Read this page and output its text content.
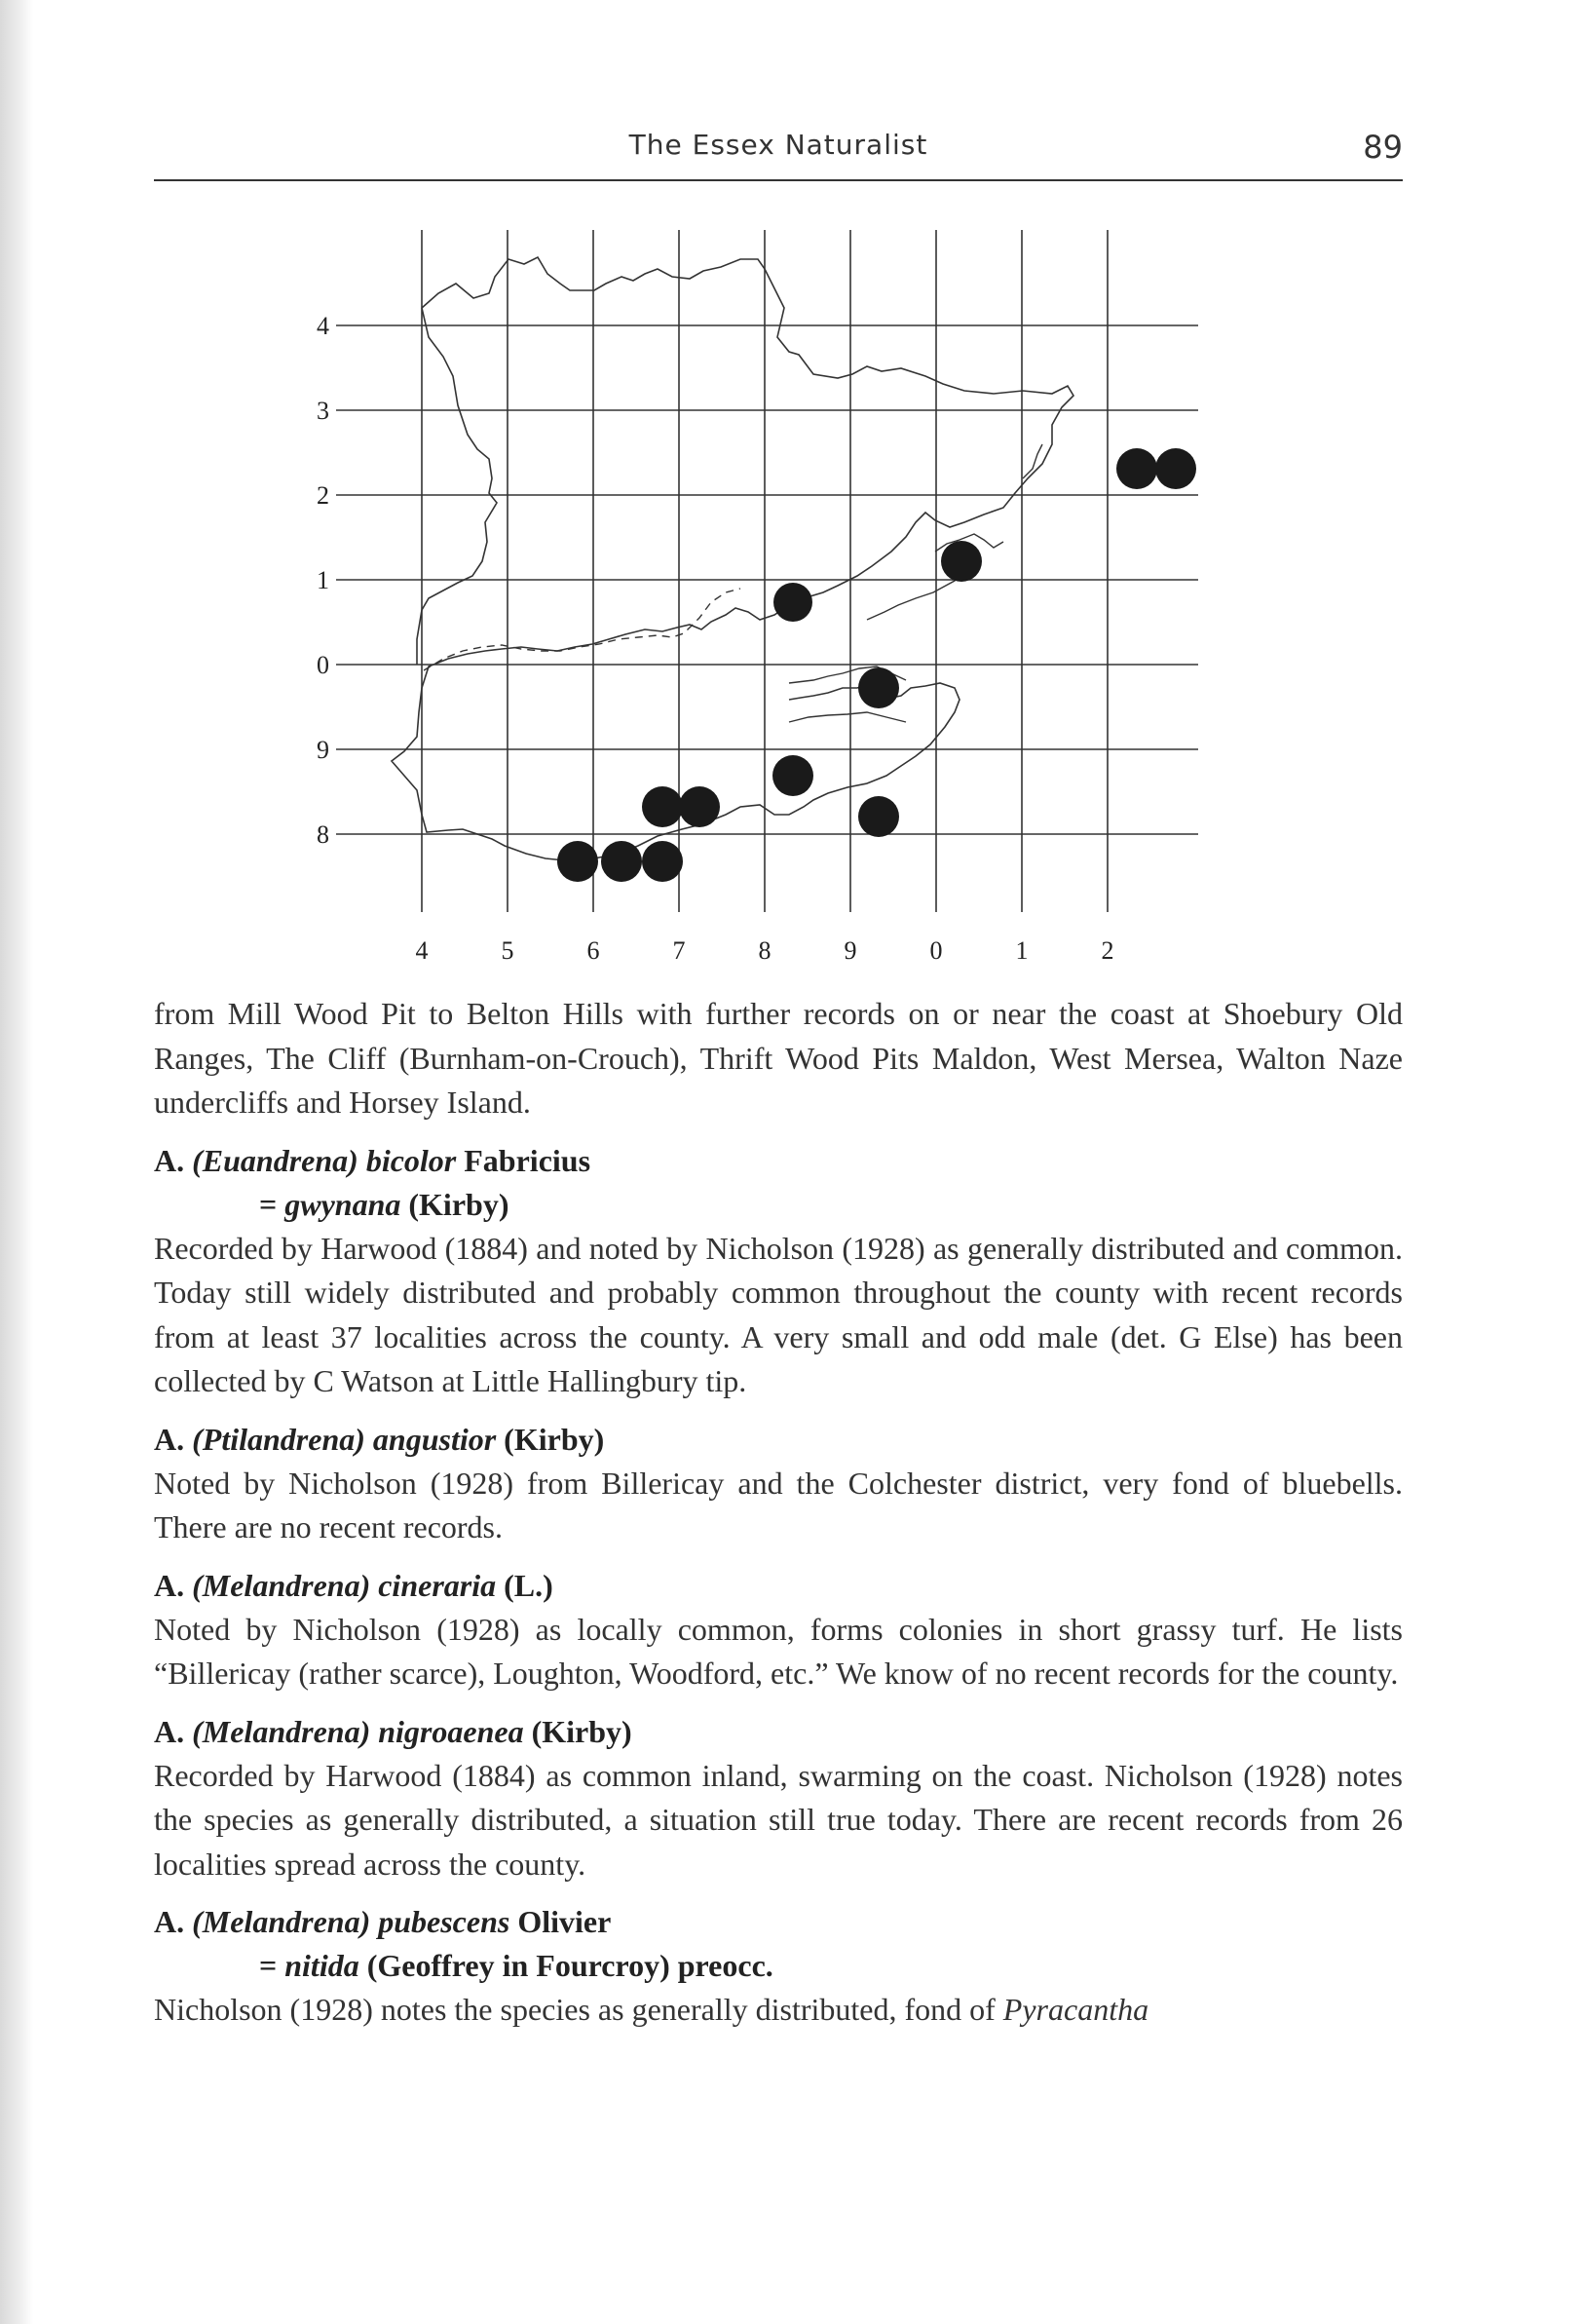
The Essex Naturalist	89
4
3
2
1
0
9
8
4	5	6	7	8	9	0	1	2

from Mill Wood Pit to Belton Hills with further records on or near the coast at Shoebury Old Ranges, The Cliff (Burnham-on-Crouch), Thrift Wood Pits Maldon, West Mersea, Walton Naze undercliffs and Horsey Island.

A. (Euandrena) bicolor Fabricius
= gwynana (Kirby)

Recorded by Harwood (1884) and noted by Nicholson (1928) as generally distributed and common. Today still widely distributed and probably common throughout the county with recent records from at least 37 localities across the county. A very small and odd male (det. G Else) has been collected by C Watson at Little Hallingbury tip.

A. (Ptilandrena) angustior (Kirby)

Noted by Nicholson (1928) from Billericay and the Colchester district, very fond of bluebells. There are no recent records.

A. (Melandrena) cineraria (L.)

Noted by Nicholson (1928) as locally common, forms colonies in short grassy turf. He lists “Billericay (rather scarce), Loughton, Woodford, etc.” We know of no recent records for the county.

A. (Melandrena) nigroaenea (Kirby)

Recorded by Harwood (1884) as common inland, swarming on the coast. Nicholson (1928) notes the species as generally distributed, a situation still true today. There are recent records from 26 localities spread across the county.

A. (Melandrena) pubescens Olivier
= nitida (Geoffrey in Fourcroy) preocc.

Nicholson (1928) notes the species as generally distributed, fond of Pyracantha
